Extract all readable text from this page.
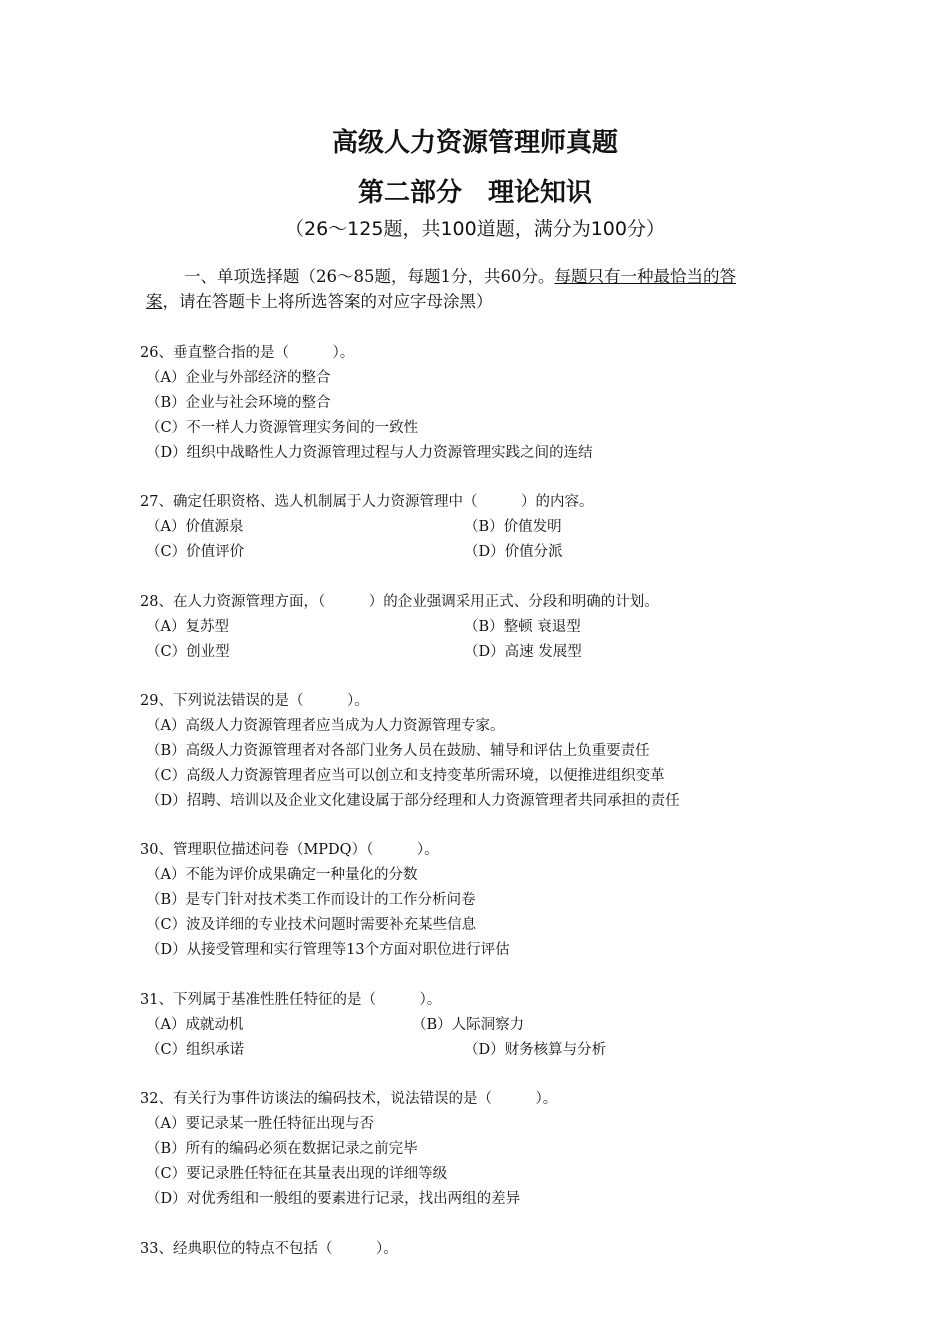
高级人力资源管理师真题
第二部分　理论知识
（26～125题，共100道题，满分为100分）
一、单项选择题（26～85题，每题1分，共60分。每题只有一种最恰当的答
案，请在答题卡上将所选答案的对应字母涂黑）
26、垂直整合指的是（　　　）。
（A）企业与外部经济的整合
（B）企业与社会环境的整合
（C）不一样人力资源管理实务间的一致性
（D）组织中战略性人力资源管理过程与人力资源管理实践之间的连结
27、确定任职资格、选人机制属于人力资源管理中（　　　）的内容。
（A）价值源泉	（B）价值发明
（C）价值评价	（D）价值分派
28、在人力资源管理方面，（　　　）的企业强调采用正式、分段和明确的计划。
（A）复苏型	（B）整顿 衰退型
（C）创业型	（D）高速 发展型
29、下列说法错误的是（　　　）。
（A）高级人力资源管理者应当成为人力资源管理专家。
（B）高级人力资源管理者对各部门业务人员在鼓励、辅导和评估上负重要责任
（C）高级人力资源管理者应当可以创立和支持变革所需环境，以便推进组织变革
（D）招聘、培训以及企业文化建设属于部分经理和人力资源管理者共同承担的责任
30、管理职位描述问卷（MPDQ）（　　　）。
（A）不能为评价成果确定一种量化的分数
（B）是专门针对技术类工作而设计的工作分析问卷
（C）波及详细的专业技术问题时需要补充某些信息
（D）从接受管理和实行管理等13个方面对职位进行评估
31、下列属于基准性胜任特征的是（　　　）。
（A）成就动机	（B）人际洞察力
（C）组织承诺	（D）财务核算与分析
32、有关行为事件访谈法的编码技术，说法错误的是（　　　）。
（A）要记录某一胜任特征出现与否
（B）所有的编码必须在数据记录之前完毕
（C）要记录胜任特征在其量表出现的详细等级
（D）对优秀组和一般组的要素进行记录，找出两组的差异
33、经典职位的特点不包括（　　　）。
